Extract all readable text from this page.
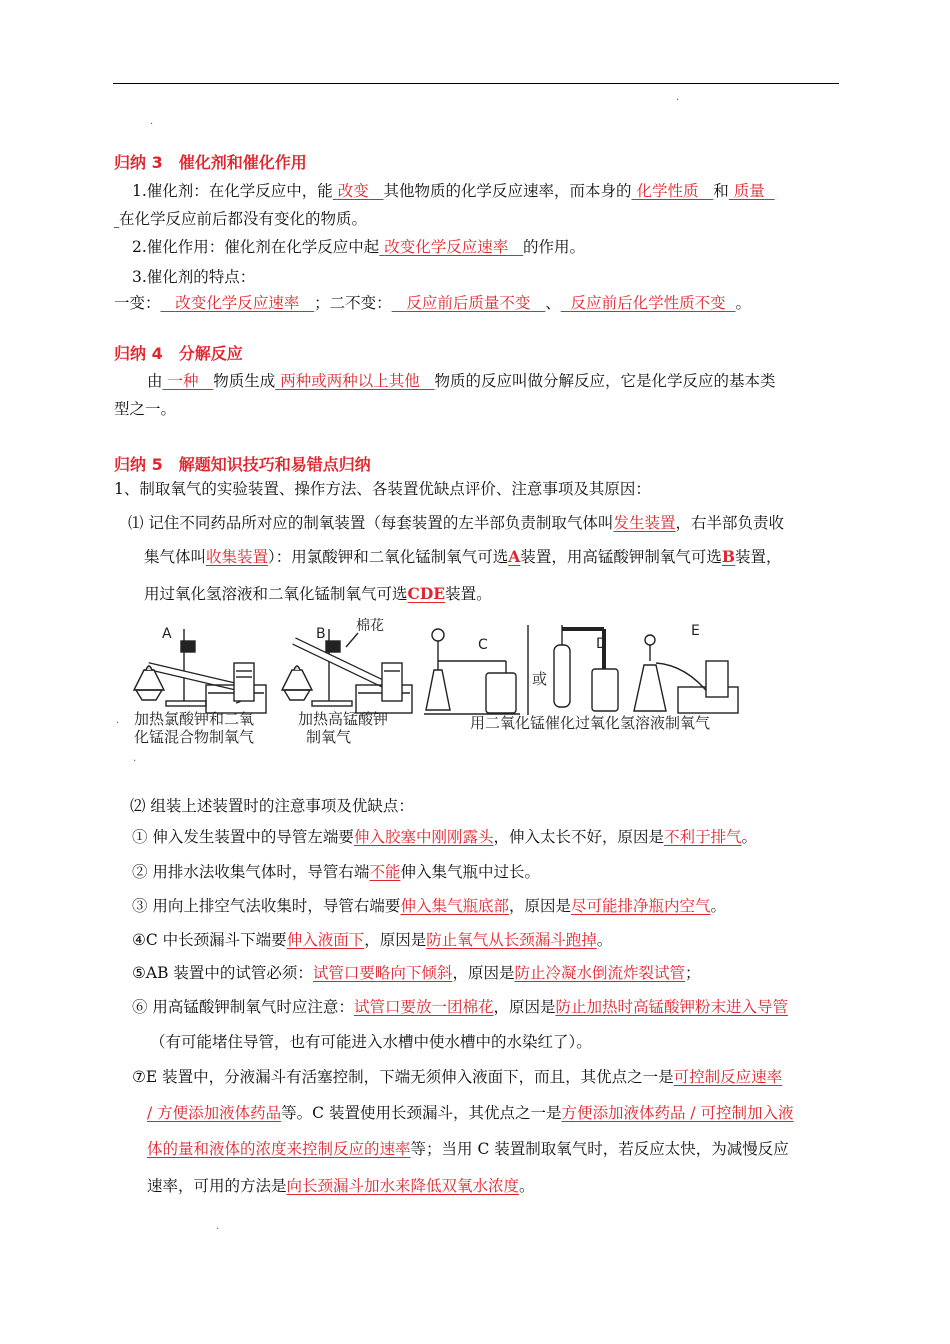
.
.
归纳 3　催化剂和催化作用
1.催化剂：在化学反应中，能 改变 其他物质的化学反应速率，而本身的 化学性质 和 质量
在化学反应前后都没有变化的物质。
2.催化作用：催化剂在化学反应中起 改变化学反应速率 的作用。
3.催化剂的特点：
一变： 改变化学反应速率 ；二不变： 反应前后质量不变 、 反应前后化学性质不变 。
归纳 4　分解反应
由 一种 物质生成 两种或两种以上其他 物质的反应叫做分解反应，它是化学反应的基本类
型之一。
归纳 5　解题知识技巧和易错点归纳
1、制取氧气的实验装置、操作方法、各装置优缺点评价、注意事项及其原因：
⑴ 记住不同药品所对应的制氧装置（每套装置的左半部负责制取气体叫发生装置，右半部负责收
集气体叫收集装置）：用氯酸钾和二氧化锰制氧气可选A装置，用高锰酸钾制氧气可选B装置，
用过氧化氢溶液和二氧化锰制氧气可选CDE装置。
A	B 棉花
C
或
D
E
. 加热氯酸钾和二氧
化锰混合物制氧气
加热高锰酸钾
制氧气
用二氧化锰催化过氧化氢溶液制氧气
.
⑵ 组装上述装置时的注意事项及优缺点：
① 伸入发生装置中的导管左端要伸入胶塞中刚刚露头，伸入太长不好，原因是不利于排气。
② 用排水法收集气体时，导管右端不能伸入集气瓶中过长。
③ 用向上排空气法收集时，导管右端要伸入集气瓶底部，原因是尽可能排净瓶内空气。
④C 中长颈漏斗下端要伸入液面下，原因是防止氧气从长颈漏斗跑掉。
⑤AB 装置中的试管必须：试管口要略向下倾斜，原因是防止冷凝水倒流炸裂试管；
⑥ 用高锰酸钾制氧气时应注意：试管口要放一团棉花，原因是防止加热时高锰酸钾粉末进入导管
（有可能堵住导管，也有可能进入水槽中使水槽中的水染红了）。
⑦E 装置中，分液漏斗有活塞控制，下端无须伸入液面下，而且，其优点之一是可控制反应速率
/ 方便添加液体药品等。C 装置使用长颈漏斗，其优点之一是方便添加液体药品 / 可控制加入液
体的量和液体的浓度来控制反应的速率等；当用 C 装置制取氧气时，若反应太快，为减慢反应
速率，可用的方法是向长颈漏斗加水来降低双氧水浓度。
.
